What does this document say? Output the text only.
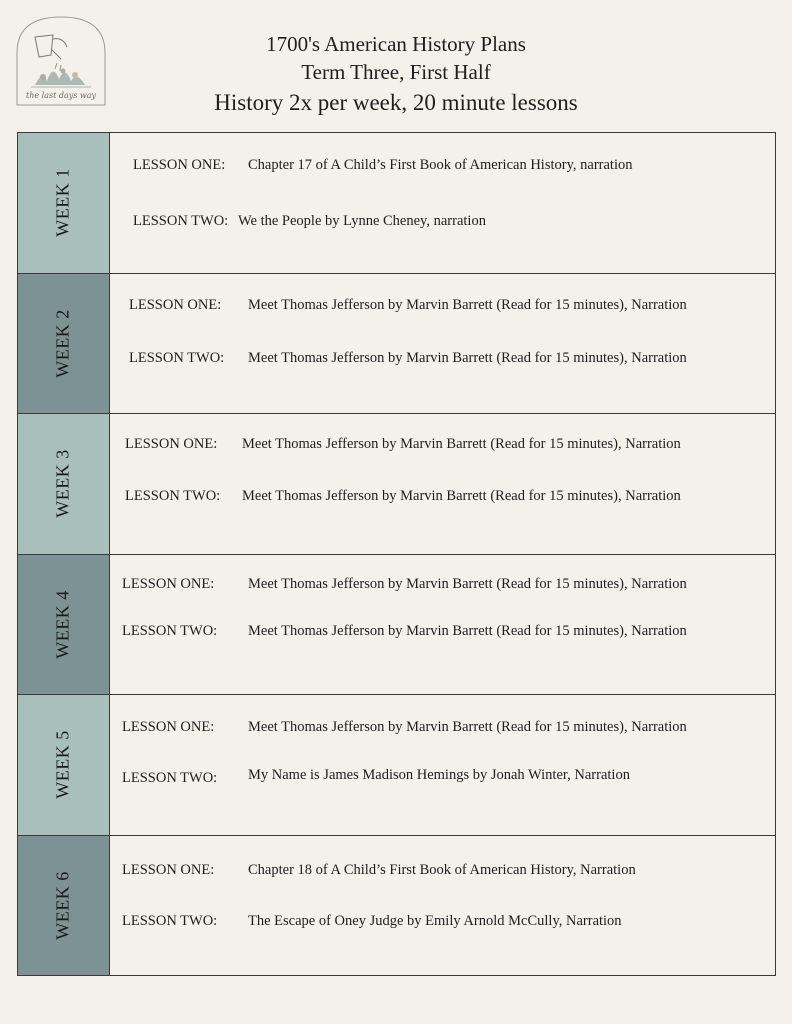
the last days way
1700's American History Plans
Term Three, First Half
History 2x per week, 20 minute lessons
WEEK 1
LESSON ONE:	Chapter 17 of A Child’s First Book of American History, narration
LESSON TWO: We the People by Lynne Cheney, narration
WEEK 2
LESSON ONE:	Meet Thomas Jefferson by Marvin Barrett (Read for 15 minutes), Narration
LESSON TWO:	Meet Thomas Jefferson by Marvin Barrett (Read for 15 minutes), Narration
WEEK 3
LESSON ONE:	Meet Thomas Jefferson by Marvin Barrett (Read for 15 minutes), Narration
LESSON TWO:	Meet Thomas Jefferson by Marvin Barrett (Read for 15 minutes), Narration
WEEK 4
LESSON ONE:	Meet Thomas Jefferson by Marvin Barrett (Read for 15 minutes), Narration
LESSON TWO:	Meet Thomas Jefferson by Marvin Barrett (Read for 15 minutes), Narration
WEEK 5
LESSON ONE:	Meet Thomas Jefferson by Marvin Barrett (Read for 15 minutes), Narration
LESSON TWO:	My Name is James Madison Hemings by Jonah Winter, Narration
WEEK 6
LESSON ONE:	Chapter 18 of A Child’s First Book of American History, Narration
LESSON TWO:	The Escape of Oney Judge by Emily Arnold McCully, Narration
